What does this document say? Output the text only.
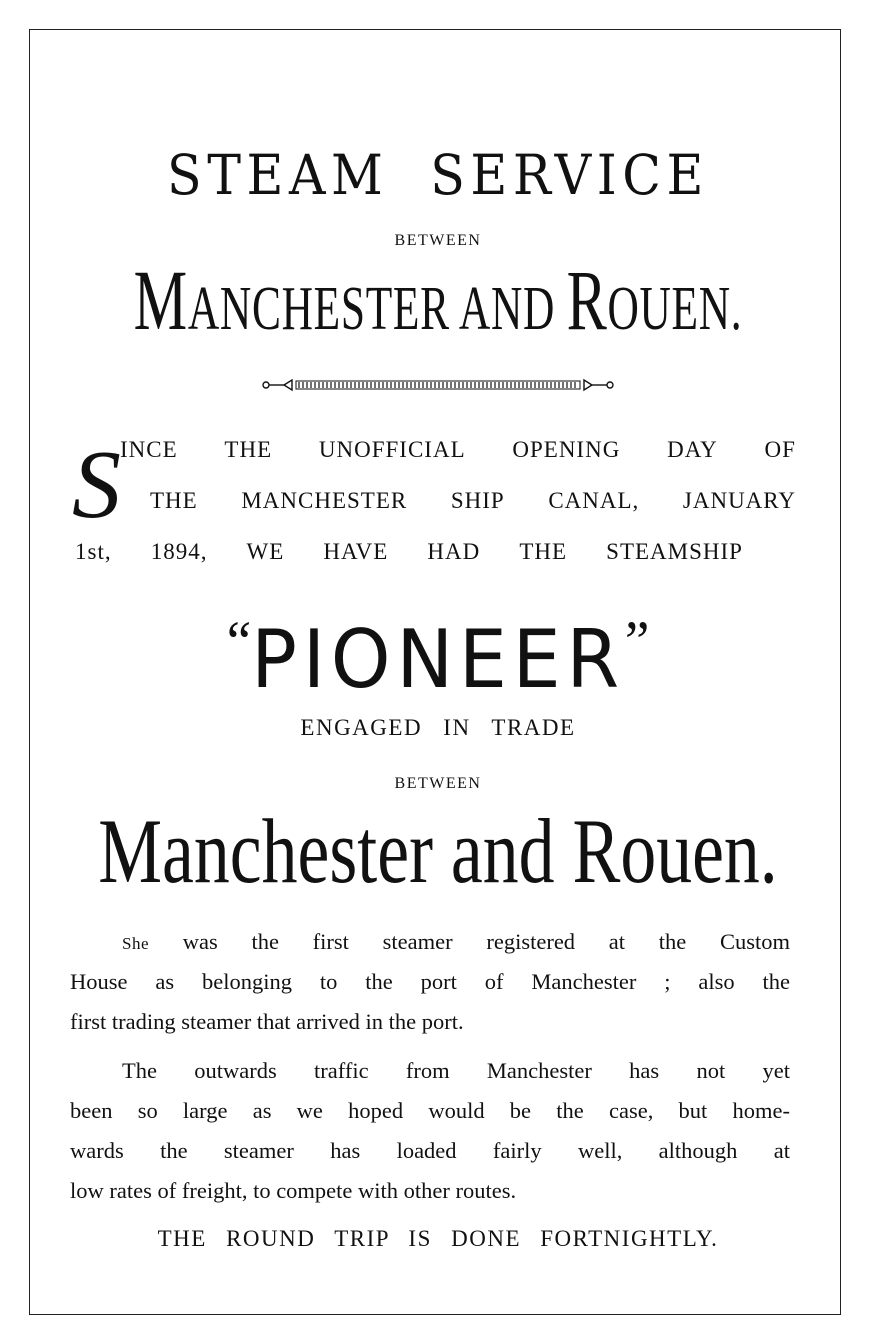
STEAM SERVICE
BETWEEN
MANCHESTER AND ROUEN.
S INCE THE UNOFFICIAL OPENING DAY OF
THE MANCHESTER SHIP CANAL, JANUARY
1st, 1894, WE HAVE HAD THE STEAMSHIP
“PIONEER”
ENGAGED IN TRADE
BETWEEN
Manchester and Rouen.
She was the first steamer registered at the Custom
House as belonging to the port of Manchester ; also the
first trading steamer that arrived in the port.
The outwards traffic from Manchester has not yet
been so large as we hoped would be the case, but home-
wards the steamer has loaded fairly well, although at
low rates of freight, to compete with other routes.
THE ROUND TRIP IS DONE FORTNIGHTLY.
